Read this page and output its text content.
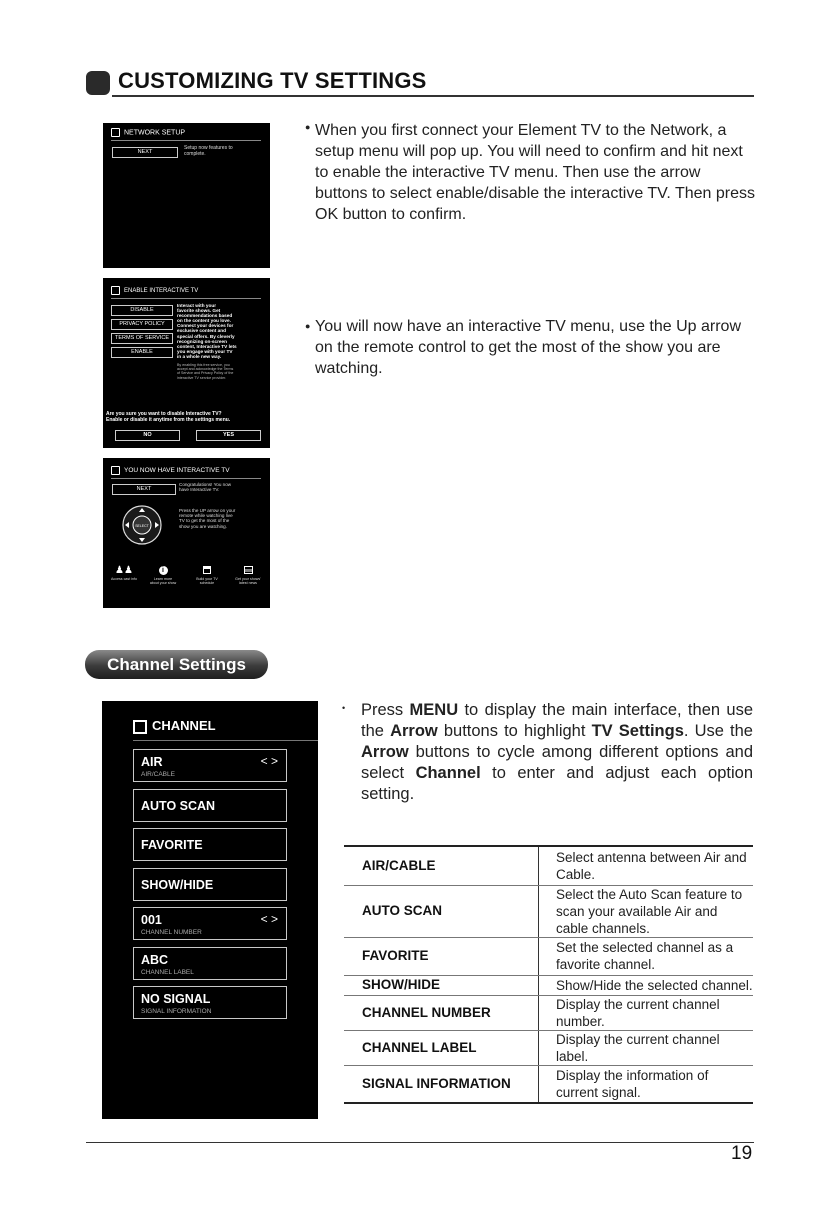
CUSTOMIZING TV SETTINGS
NETWORK SETUP
NEXT
Setup now features to
complete.
ENABLE INTERACTIVE TV
DISABLE
PRIVACY POLICY
TERMS OF SERVICE
ENABLE
Interact with your
favorite shows. Get
recommendations based
on the content you love.
Connect your devices for
exclusive content and
special offers. By cleverly
recognizing on-screen
content, Interactive TV lets
you engage with your TV
in a whole new way.
By enabling this free service, you
accept and acknowledge the Terms
of Service and Privacy Policy of the
interactive TV service provider.
Are you sure you want to disable Interactive TV?
Enable or disable it anytime from the settings menu.
NO	YES
YOU NOW HAVE INTERACTIVE TV
NEXT
Congratulations! You now
have Interactive TV.
SELECT
Press the UP arrow on your
remote while watching live
TV to get the most of the
show you are watching.
♟♟
Access cast info
i
Learn more
about your show
Build your TV
schedule
Get your shows'
latest news
● When you first connect your Element TV to the Network, a setup menu will pop up. You will need to confirm and hit next to enable the interactive TV menu. Then use the arrow buttons to select enable/disable the interactive TV. Then press OK button to confirm.
● You will now have an interactive TV menu, use the Up arrow on the remote control to get the most of the show you are watching.
Channel Settings
CHANNEL
AIR
AIR/CABLE
< >
AUTO SCAN
FAVORITE
SHOW/HIDE
001
CHANNEL NUMBER
< >
ABC
CHANNEL LABEL
NO SIGNAL
SIGNAL INFORMATION
• Press MENU to display the main interface, then use the Arrow buttons to highlight TV Settings. Use the Arrow buttons to cycle among different options and select Channel to enter and adjust each option setting.
AIR/CABLE	Select antenna between Air and Cable.
AUTO SCAN	Select the Auto Scan feature to scan your available Air and cable channels.
FAVORITE	Set the selected channel as a favorite channel.
SHOW/HIDE	Show/Hide the selected channel.
CHANNEL NUMBER	Display the current channel number.
CHANNEL LABEL	Display the current channel label.
SIGNAL INFORMATION	Display the information of current signal.
19
